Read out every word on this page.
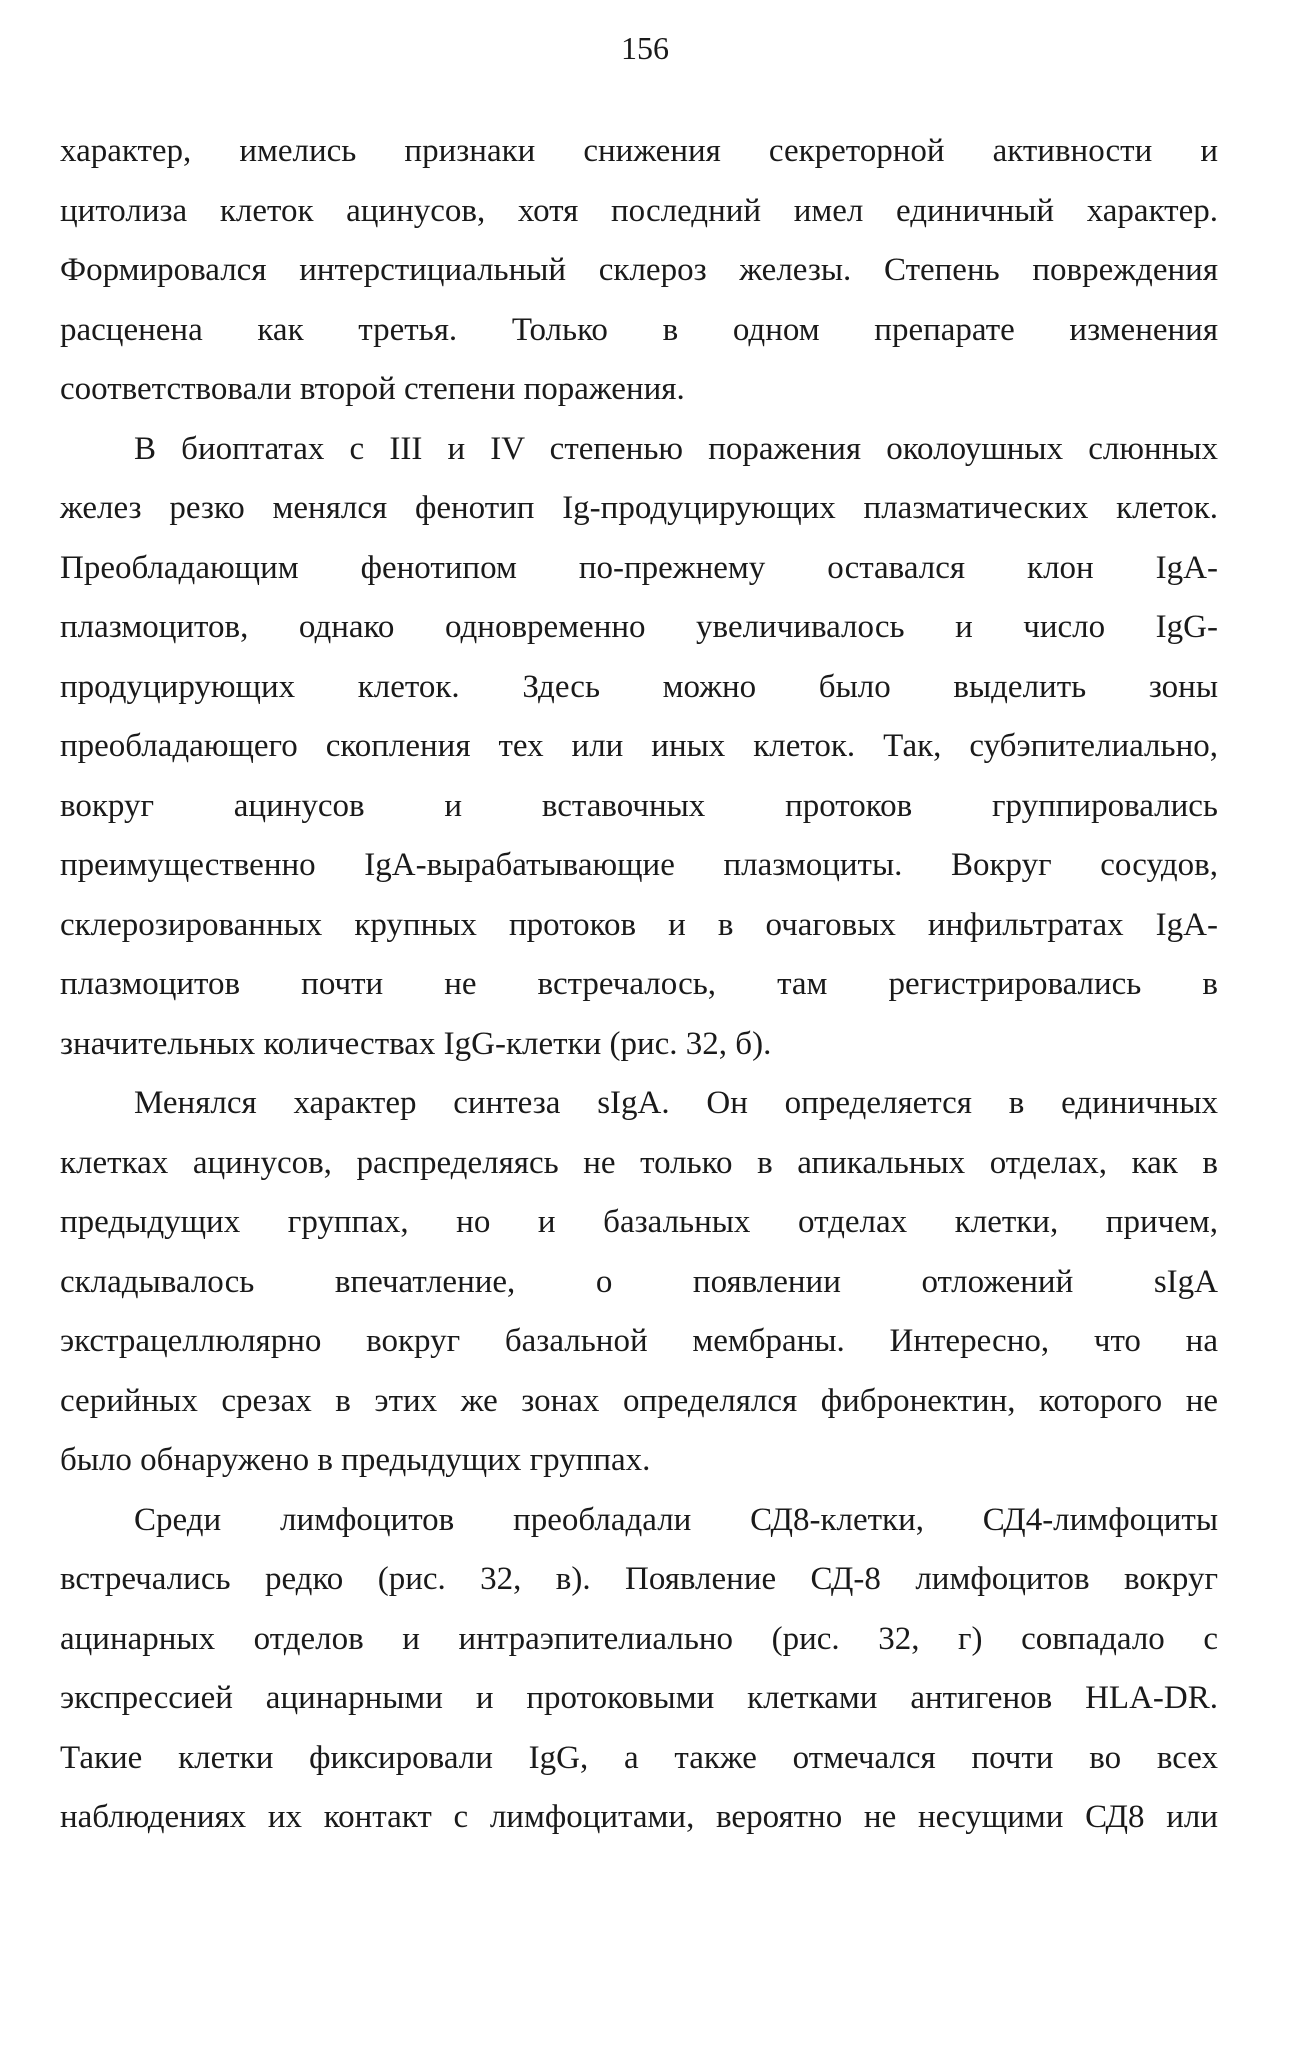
156
характер, имелись признаки снижения секреторной активности и
цитолиза клеток ацинусов, хотя последний имел единичный характер.
Формировался интерстициальный склероз железы. Степень повреждения
расценена как третья. Только в одном препарате изменения
соответствовали второй степени поражения.
В биоптатах с III и IV степенью поражения околоушных слюнных
желез резко менялся фенотип Ig-продуцирующих плазматических клеток.
Преобладающим фенотипом по-прежнему оставался клон IgA-
плазмоцитов, однако одновременно увеличивалось и число IgG-
продуцирующих клеток. Здесь можно было выделить зоны
преобладающего скопления тех или иных клеток. Так, субэпителиально,
вокруг ацинусов и вставочных протоков группировались
преимущественно IgA-вырабатывающие плазмоциты. Вокруг сосудов,
склерозированных крупных протоков и в очаговых инфильтратах IgA-
плазмоцитов почти не встречалось, там регистрировались в
значительных количествах IgG-клетки (рис. 32, б).
Менялся характер синтеза sIgA. Он определяется в единичных
клетках ацинусов, распределяясь не только в апикальных отделах, как в
предыдущих группах, но и базальных отделах клетки, причем,
складывалось впечатление, о появлении отложений sIgA
экстрацеллюлярно вокруг базальной мембраны. Интересно, что на
серийных срезах в этих же зонах определялся фибронектин, которого не
было обнаружено в предыдущих группах.
Среди лимфоцитов преобладали СД8-клетки, СД4-лимфоциты
встречались редко (рис. 32, в). Появление СД-8 лимфоцитов вокруг
ацинарных отделов и интраэпителиально (рис. 32, г) совпадало с
экспрессией ацинарными и протоковыми клетками антигенов HLA-DR.
Такие клетки фиксировали IgG, а также отмечался почти во всех
наблюдениях их контакт с лимфоцитами, вероятно не несущими СД8 или
